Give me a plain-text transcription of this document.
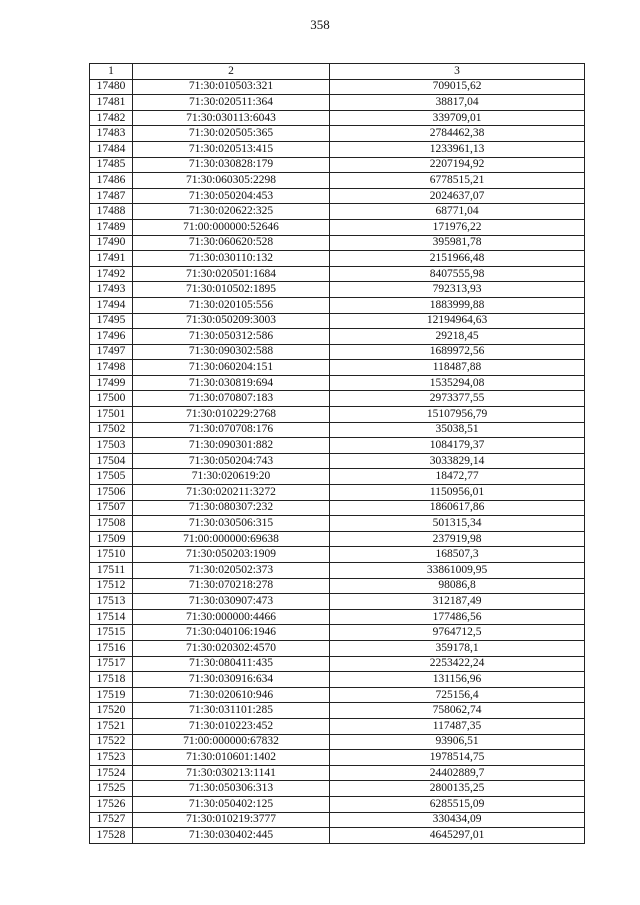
358
1	2	3
17480	71:30:010503:321	709015,62
17481	71:30:020511:364	38817,04
17482	71:30:030113:6043	339709,01
17483	71:30:020505:365	2784462,38
17484	71:30:020513:415	1233961,13
17485	71:30:030828:179	2207194,92
17486	71:30:060305:2298	6778515,21
17487	71:30:050204:453	2024637,07
17488	71:30:020622:325	68771,04
17489	71:00:000000:52646	171976,22
17490	71:30:060620:528	395981,78
17491	71:30:030110:132	2151966,48
17492	71:30:020501:1684	8407555,98
17493	71:30:010502:1895	792313,93
17494	71:30:020105:556	1883999,88
17495	71:30:050209:3003	12194964,63
17496	71:30:050312:586	29218,45
17497	71:30:090302:588	1689972,56
17498	71:30:060204:151	118487,88
17499	71:30:030819:694	1535294,08
17500	71:30:070807:183	2973377,55
17501	71:30:010229:2768	15107956,79
17502	71:30:070708:176	35038,51
17503	71:30:090301:882	1084179,37
17504	71:30:050204:743	3033829,14
17505	71:30:020619:20	18472,77
17506	71:30:020211:3272	1150956,01
17507	71:30:080307:232	1860617,86
17508	71:30:030506:315	501315,34
17509	71:00:000000:69638	237919,98
17510	71:30:050203:1909	168507,3
17511	71:30:020502:373	33861009,95
17512	71:30:070218:278	98086,8
17513	71:30:030907:473	312187,49
17514	71:30:000000:4466	177486,56
17515	71:30:040106:1946	9764712,5
17516	71:30:020302:4570	359178,1
17517	71:30:080411:435	2253422,24
17518	71:30:030916:634	131156,96
17519	71:30:020610:946	725156,4
17520	71:30:031101:285	758062,74
17521	71:30:010223:452	117487,35
17522	71:00:000000:67832	93906,51
17523	71:30:010601:1402	1978514,75
17524	71:30:030213:1141	24402889,7
17525	71:30:050306:313	2800135,25
17526	71:30:050402:125	6285515,09
17527	71:30:010219:3777	330434,09
17528	71:30:030402:445	4645297,01
